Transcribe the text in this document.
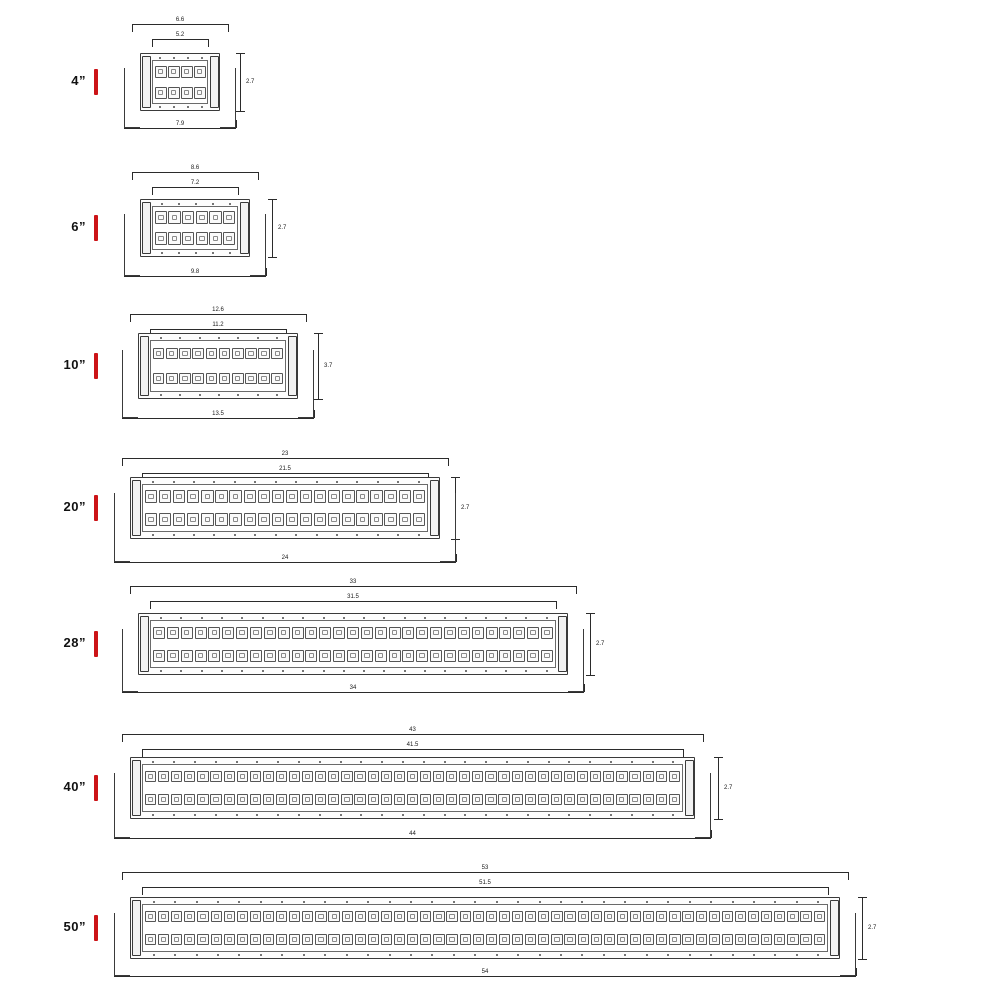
4”
6.6
5.2
7.9
2.7
6”
8.6
7.2
9.8
2.7
10”
12.6
11.2
13.5
3.7
20”
23
21.5
24
2.7
28”
33
31.5
34
2.7
40”
43
41.5
44
2.7
50”
53
51.5
54
2.7
